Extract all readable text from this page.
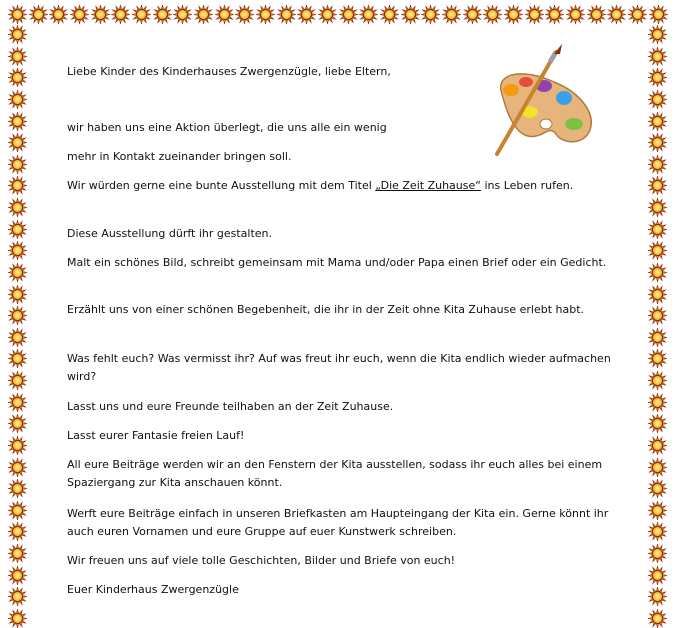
Liebe Kinder des Kinderhauses Zwergenzügle, liebe Eltern,

wir haben uns eine Aktion überlegt, die uns alle ein wenig

mehr in Kontakt zueinander bringen soll.

Wir würden gerne eine bunte Ausstellung mit dem Titel „Die Zeit Zuhause“ ins Leben rufen.

Diese Ausstellung dürft ihr gestalten.

Malt ein schönes Bild, schreibt gemeinsam mit Mama und/oder Papa einen Brief oder ein Gedicht.

Erzählt uns von einer schönen Begebenheit, die ihr in der Zeit ohne Kita Zuhause erlebt habt.

Was fehlt euch? Was vermisst ihr? Auf was freut ihr euch, wenn die Kita endlich wieder aufmachen wird?

Lasst uns und eure Freunde teilhaben an der Zeit Zuhause.

Lasst eurer Fantasie freien Lauf!

All eure Beiträge werden wir an den Fenstern der Kita ausstellen, sodass ihr euch alles bei einem Spaziergang zur Kita anschauen könnt.

Werft eure Beiträge einfach in unseren Briefkasten am Haupteingang der Kita ein. Gerne könnt ihr auch euren Vornamen und eure Gruppe auf euer Kunstwerk schreiben.

Wir freuen uns auf viele tolle Geschichten, Bilder und Briefe von euch!

Euer Kinderhaus Zwergenzügle
